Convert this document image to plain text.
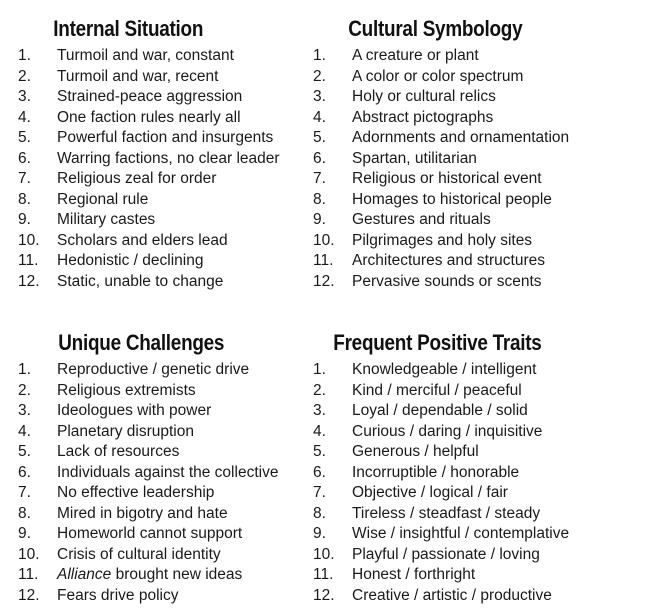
Internal Situation
1.	Turmoil and war, constant
2.	Turmoil and war, recent
3.	Strained-peace aggression
4.	One faction rules nearly all
5.	Powerful faction and insurgents
6.	Warring factions, no clear leader
7.	Religious zeal for order
8.	Regional rule
9.	Military castes
10.	Scholars and elders lead
11.	Hedonistic / declining
12.	Static, unable to change
Cultural Symbology
1.	A creature or plant
2.	A color or color spectrum
3.	Holy or cultural relics
4.	Abstract pictographs
5.	Adornments and ornamentation
6.	Spartan, utilitarian
7.	Religious or historical event
8.	Homages to historical people
9.	Gestures and rituals
10.	Pilgrimages and holy sites
11.	Architectures and structures
12.	Pervasive sounds or scents
Unique Challenges
1.	Reproductive / genetic drive
2.	Religious extremists
3.	Ideologues with power
4.	Planetary disruption
5.	Lack of resources
6.	Individuals against the collective
7.	No effective leadership
8.	Mired in bigotry and hate
9.	Homeworld cannot support
10.	Crisis of cultural identity
11.	Alliance brought new ideas
12.	Fears drive policy
Frequent Positive Traits
1.	Knowledgeable / intelligent
2.	Kind / merciful / peaceful
3.	Loyal / dependable / solid
4.	Curious / daring / inquisitive
5.	Generous / helpful
6.	Incorruptible / honorable
7.	Objective / logical / fair
8.	Tireless / steadfast / steady
9.	Wise / insightful / contemplative
10.	Playful / passionate / loving
11.	Honest / forthright
12.	Creative / artistic / productive
